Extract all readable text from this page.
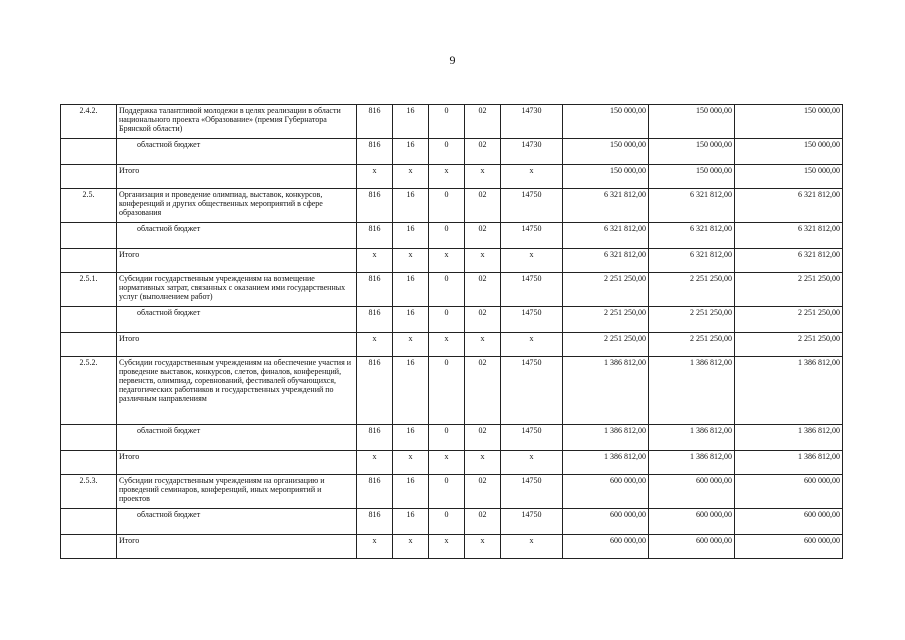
9
2.4.2.	Поддержка талантливой молодежи в целях реализации в области национального проекта «Образование» (премия Губернатора Брянской области)	816	16	0	02	14730	150 000,00	150 000,00	150 000,00
	областной бюджет	816	16	0	02	14730	150 000,00	150 000,00	150 000,00
	Итого	х	х	х	х	х	150 000,00	150 000,00	150 000,00
2.5.	Организация и проведение олимпиад, выставок, конкурсов, конференций и других общественных мероприятий в сфере образования	816	16	0	02	14750	6 321 812,00	6 321 812,00	6 321 812,00
	областной бюджет	816	16	0	02	14750	6 321 812,00	6 321 812,00	6 321 812,00
	Итого	х	х	х	х	х	6 321 812,00	6 321 812,00	6 321 812,00
2.5.1.	Субсидии государственным учреждениям на возмещение нормативных затрат, связанных с оказанием ими государственных услуг (выполнением работ)	816	16	0	02	14750	2 251 250,00	2 251 250,00	2 251 250,00
	областной бюджет	816	16	0	02	14750	2 251 250,00	2 251 250,00	2 251 250,00
	Итого	х	х	х	х	х	2 251 250,00	2 251 250,00	2 251 250,00
2.5.2.	Субсидии государственным учреждениям на обеспечение участия и проведение выставок, конкурсов, слетов, финалов, конференций, первенств, олимпиад, соревнований, фестивалей обучающихся, педагогических работников и государственных учреждений по различным направлениям	816	16	0	02	14750	1 386 812,00	1 386 812,00	1 386 812,00
	областной бюджет	816	16	0	02	14750	1 386 812,00	1 386 812,00	1 386 812,00
	Итого	х	х	х	х	х	1 386 812,00	1 386 812,00	1 386 812,00
2.5.3.	Субсидии государственным учреждениям на организацию и проведений семинаров, конференций, иных мероприятий и проектов	816	16	0	02	14750	600 000,00	600 000,00	600 000,00
	областной бюджет	816	16	0	02	14750	600 000,00	600 000,00	600 000,00
	Итого	х	х	х	х	х	600 000,00	600 000,00	600 000,00
